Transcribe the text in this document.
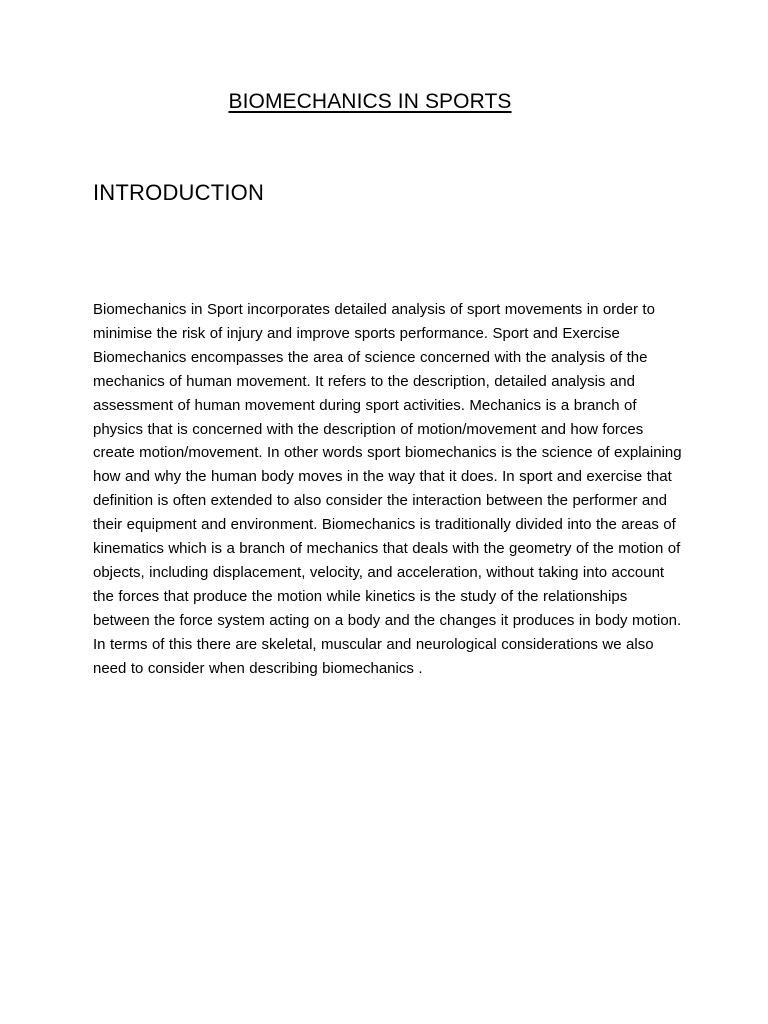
BIOMECHANICS IN SPORTS
INTRODUCTION

Biomechanics in Sport incorporates detailed analysis of sport movements in order to minimise the risk of injury and improve sports performance. Sport and Exercise Biomechanics encompasses the area of science concerned with the analysis of the mechanics of human movement. It refers to the description, detailed analysis and assessment of human movement during sport activities. Mechanics is a branch of physics that is concerned with the description of motion/movement and how forces create motion/movement. In other words sport biomechanics is the science of explaining how and why the human body moves in the way that it does. In sport and exercise that definition is often extended to also consider the interaction between the performer and their equipment and environment. Biomechanics is traditionally divided into the areas of kinematics which is a branch of mechanics that deals with the geometry of the motion of objects, including displacement, velocity, and acceleration, without taking into account the forces that produce the motion while kinetics is the study of the relationships between the force system acting on a body and the changes it produces in body motion. In terms of this there are skeletal, muscular and neurological considerations we also need to consider when describing biomechanics .
